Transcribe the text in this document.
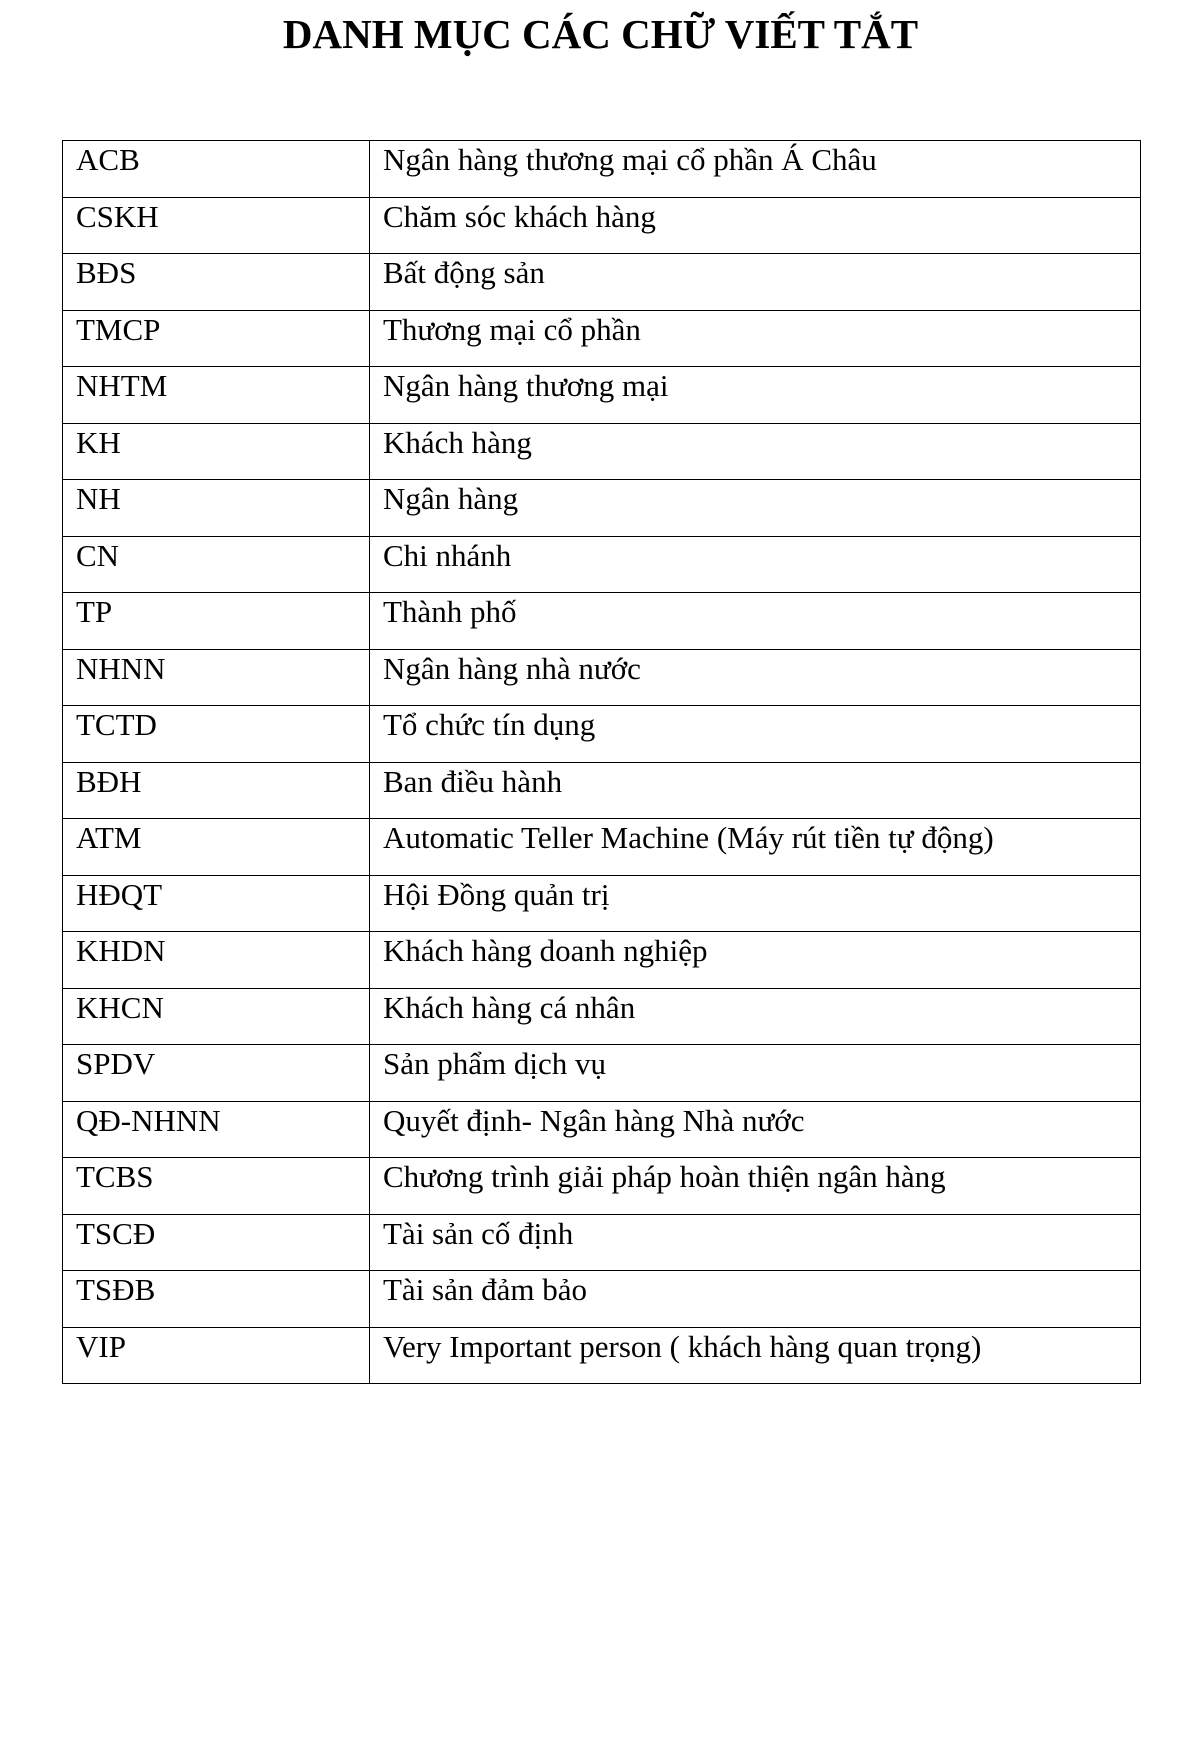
DANH MỤC CÁC CHỮ VIẾT TẮT
ACB	Ngân hàng thương mại cổ phần Á Châu
CSKH	Chăm sóc khách hàng
BĐS	Bất động sản
TMCP	Thương mại cổ phần
NHTM	Ngân hàng thương mại
KH	Khách hàng
NH	Ngân hàng
CN	Chi nhánh
TP	Thành phố
NHNN	Ngân hàng nhà nước
TCTD	Tổ chức tín dụng
BĐH	Ban điều hành
ATM	Automatic Teller Machine (Máy rút tiền tự động)
HĐQT	Hội Đồng quản trị
KHDN	Khách hàng doanh nghiệp
KHCN	Khách hàng cá nhân
SPDV	Sản phẩm dịch vụ
QĐ-NHNN	Quyết định- Ngân hàng Nhà nước
TCBS	Chương trình giải pháp hoàn thiện ngân hàng
TSCĐ	Tài sản cố định
TSĐB	Tài sản đảm bảo
VIP	Very Important person ( khách hàng quan trọng)
